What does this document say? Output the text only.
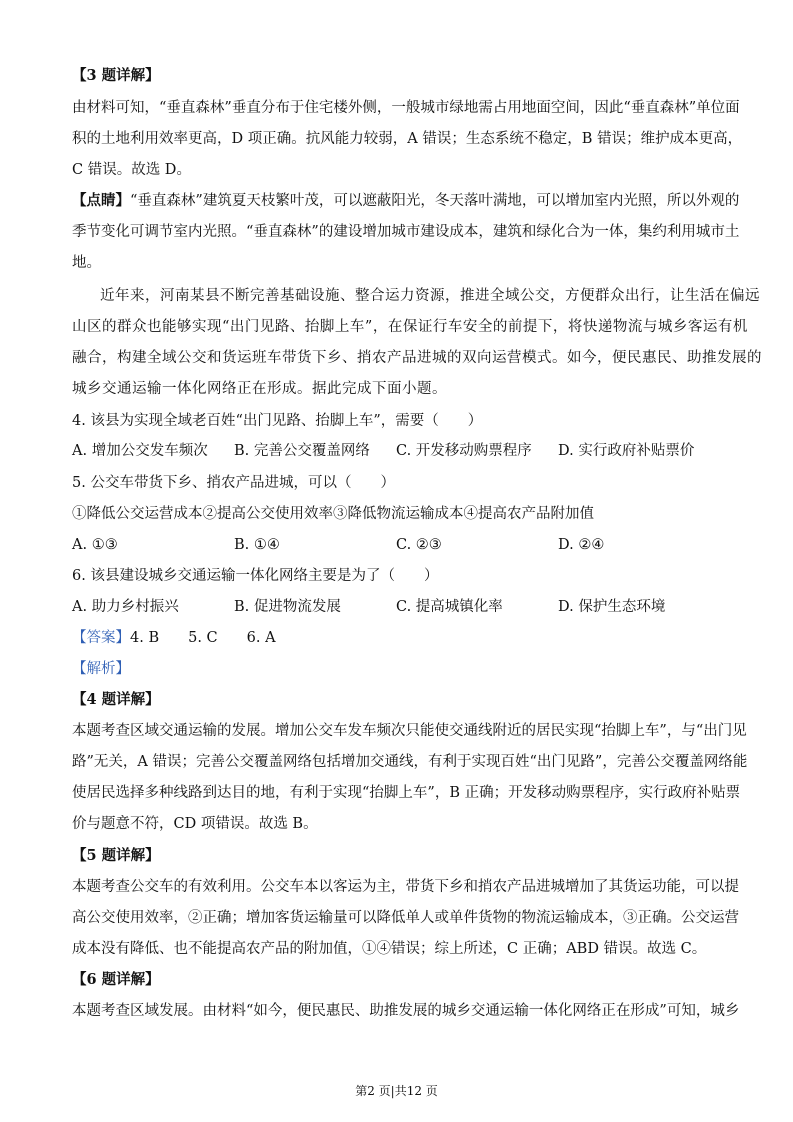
【3 题详解】
由材料可知，“垂直森林”垂直分布于住宅楼外侧，一般城市绿地需占用地面空间，因此“垂直森林”单位面
积的土地利用效率更高，D 项正确。抗风能力较弱，A 错误；生态系统不稳定，B 错误；维护成本更高，
C 错误。故选 D。
【点睛】“垂直森林”建筑夏天枝繁叶茂，可以遮蔽阳光，冬天落叶满地，可以增加室内光照，所以外观的
季节变化可调节室内光照。“垂直森林”的建设增加城市建设成本，建筑和绿化合为一体，集约利用城市土
地。
近年来，河南某县不断完善基础设施、整合运力资源，推进全域公交，方便群众出行，让生活在偏远
山区的群众也能够实现“出门见路、抬脚上车”，在保证行车安全的前提下，将快递物流与城乡客运有机
融合，构建全域公交和货运班车带货下乡、捎农产品进城的双向运营模式。如今，便民惠民、助推发展的
城乡交通运输一体化网络正在形成。据此完成下面小题。
4. 该县为实现全域老百姓“出门见路、抬脚上车”，需要（　　）
A. 增加公交发车频次 B. 完善公交覆盖网络 C. 开发移动购票程序 D. 实行政府补贴票价
5. 公交车带货下乡、捎农产品进城，可以（　　）
①降低公交运营成本②提高公交使用效率③降低物流运输成本④提高农产品附加值
A. ①③	B. ①④	C. ②③	D. ②④
6. 该县建设城乡交通运输一体化网络主要是为了（　　）
A. 助力乡村振兴	B. 促进物流发展	C. 提高城镇化率	D. 保护生态环境
【答案】4. B　　5. C　　6. A
【解析】
【4 题详解】
本题考查区域交通运输的发展。增加公交车发车频次只能使交通线附近的居民实现“抬脚上车”，与“出门见
路”无关，A 错误；完善公交覆盖网络包括增加交通线，有利于实现百姓“出门见路”，完善公交覆盖网络能
使居民选择多种线路到达目的地，有利于实现“抬脚上车”，B 正确；开发移动购票程序，实行政府补贴票
价与题意不符，CD 项错误。故选 B。
【5 题详解】
本题考查公交车的有效利用。公交车本以客运为主，带货下乡和捎农产品进城增加了其货运功能，可以提
高公交使用效率，②正确；增加客货运输量可以降低单人或单件货物的物流运输成本，③正确。公交运营
成本没有降低、也不能提高农产品的附加值，①④错误；综上所述，C 正确；ABD 错误。故选 C。
【6 题详解】
本题考查区域发展。由材料“如今，便民惠民、助推发展的城乡交通运输一体化网络正在形成”可知，城乡
第2 页|共12 页
